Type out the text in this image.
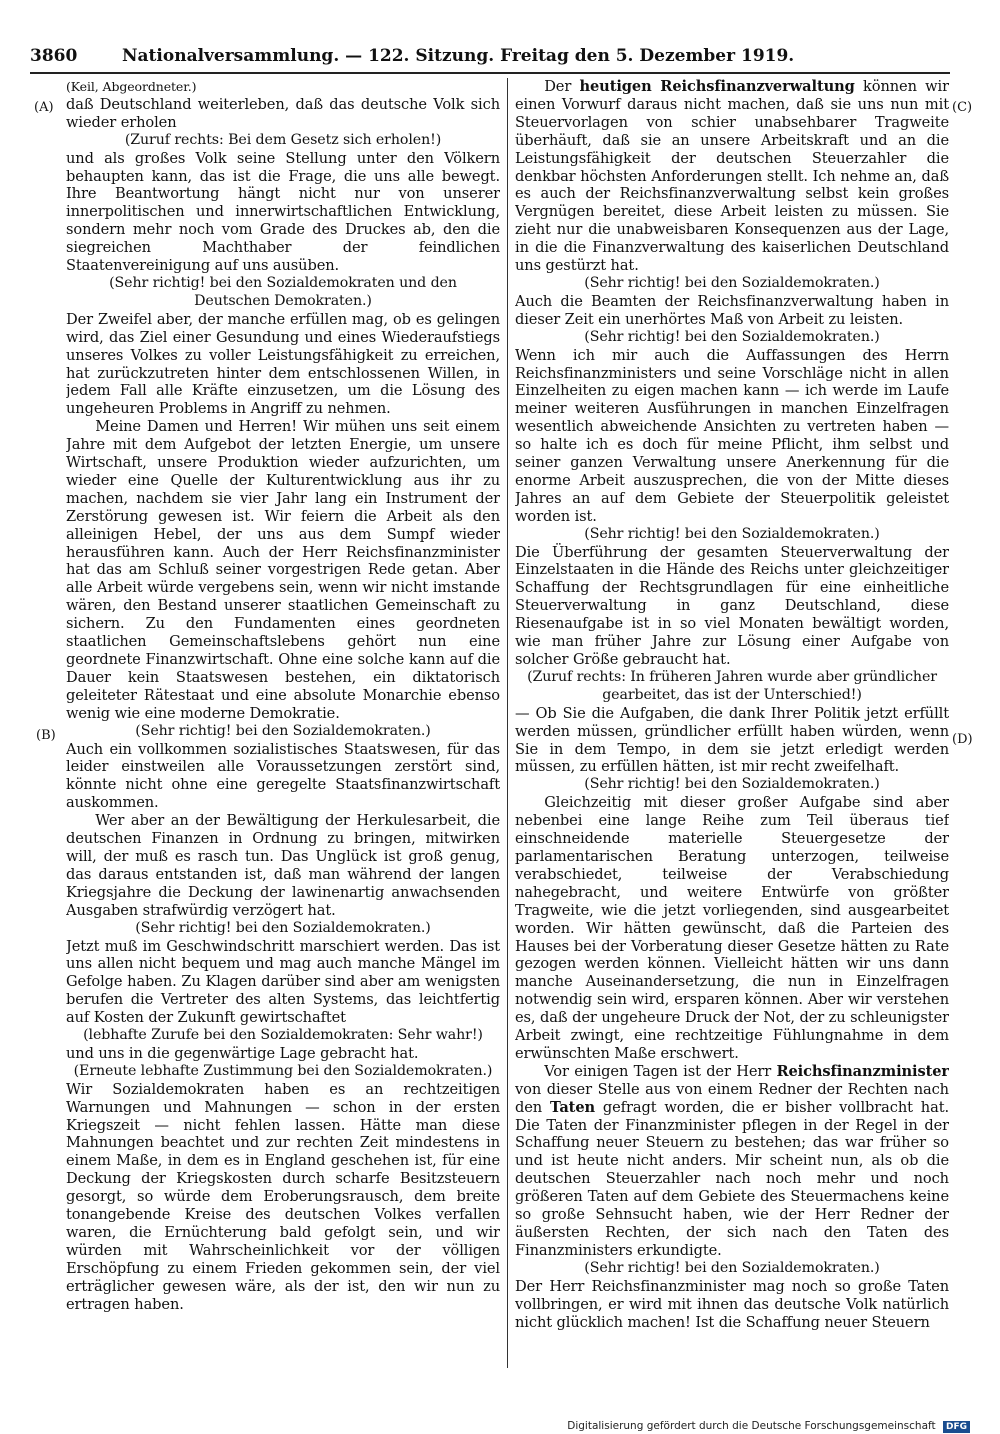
3860	Nationalversammlung. — 122. Sitzung. Freitag den 5. Dezember 1919.
(A)
(B)
(C)
(D)

(Keil, Abgeordneter.)

daß Deutschland weiterleben, daß das deutsche Volk sich wieder erholen

(Zuruf rechts: Bei dem Gesetz sich erholen!)

und als großes Volk seine Stellung unter den Völkern behaupten kann, das ist die Frage, die uns alle bewegt. Ihre Beantwortung hängt nicht nur von unserer innerpolitischen und innerwirtschaftlichen Entwicklung, sondern mehr noch vom Grade des Druckes ab, den die siegreichen Machthaber der feindlichen Staatenvereinigung auf uns ausüben.

(Sehr richtig! bei den Sozialdemokraten und den Deutschen Demokraten.)

Der Zweifel aber, der manche erfüllen mag, ob es gelingen wird, das Ziel einer Gesundung und eines Wiederaufstiegs unseres Volkes zu voller Leistungsfähigkeit zu erreichen, hat zurückzutreten hinter dem entschlossenen Willen, in jedem Fall alle Kräfte einzusetzen, um die Lösung des ungeheuren Problems in Angriff zu nehmen.

Meine Damen und Herren! Wir mühen uns seit einem Jahre mit dem Aufgebot der letzten Energie, um unsere Wirtschaft, unsere Produktion wieder aufzurichten, um wieder eine Quelle der Kulturentwicklung aus ihr zu machen, nachdem sie vier Jahr lang ein Instrument der Zerstörung gewesen ist. Wir feiern die Arbeit als den alleinigen Hebel, der uns aus dem Sumpf wieder herausführen kann. Auch der Herr Reichsfinanzminister hat das am Schluß seiner vorgestrigen Rede getan. Aber alle Arbeit würde vergebens sein, wenn wir nicht imstande wären, den Bestand unserer staatlichen Gemeinschaft zu sichern. Zu den Fundamenten eines geordneten staatlichen Gemeinschaftslebens gehört nun eine geordnete Finanzwirtschaft. Ohne eine solche kann auf die Dauer kein Staatswesen bestehen, ein diktatorisch geleiteter Rätestaat und eine absolute Monarchie ebenso wenig wie eine moderne Demokratie.

(Sehr richtig! bei den Sozialdemokraten.)

Auch ein vollkommen sozialistisches Staatswesen, für das leider einstweilen alle Voraussetzungen zerstört sind, könnte nicht ohne eine geregelte Staatsfinanzwirtschaft auskommen.

Wer aber an der Bewältigung der Herkulesarbeit, die deutschen Finanzen in Ordnung zu bringen, mitwirken will, der muß es rasch tun. Das Unglück ist groß genug, das daraus entstanden ist, daß man während der langen Kriegsjahre die Deckung der lawinenartig anwachsenden Ausgaben strafwürdig verzögert hat.

(Sehr richtig! bei den Sozialdemokraten.)

Jetzt muß im Geschwindschritt marschiert werden. Das ist uns allen nicht bequem und mag auch manche Mängel im Gefolge haben. Zu Klagen darüber sind aber am wenigsten berufen die Vertreter des alten Systems, das leichtfertig auf Kosten der Zukunft gewirtschaftet

(lebhafte Zurufe bei den Sozialdemokraten: Sehr wahr!)

und uns in die gegenwärtige Lage gebracht hat.

(Erneute lebhafte Zustimmung bei den Sozialdemokraten.)

Wir Sozialdemokraten haben es an rechtzeitigen Warnungen und Mahnungen — schon in der ersten Kriegszeit — nicht fehlen lassen. Hätte man diese Mahnungen beachtet und zur rechten Zeit mindestens in einem Maße, in dem es in England geschehen ist, für eine Deckung der Kriegskosten durch scharfe Besitzsteuern gesorgt, so würde dem Eroberungsrausch, dem breite tonangebende Kreise des deutschen Volkes verfallen waren, die Ernüchterung bald gefolgt sein, und wir würden mit Wahrscheinlichkeit vor der völligen Erschöpfung zu einem Frieden gekommen sein, der viel erträglicher gewesen wäre, als der ist, den wir nun zu ertragen haben.

Der heutigen Reichsfinanzverwaltung können wir einen Vorwurf daraus nicht machen, daß sie uns nun mit Steuervorlagen von schier unabsehbarer Tragweite überhäuft, daß sie an unsere Arbeitskraft und an die Leistungsfähigkeit der deutschen Steuerzahler die denkbar höchsten Anforderungen stellt. Ich nehme an, daß es auch der Reichsfinanzverwaltung selbst kein großes Vergnügen bereitet, diese Arbeit leisten zu müssen. Sie zieht nur die unabweisbaren Konsequenzen aus der Lage, in die die Finanzverwaltung des kaiserlichen Deutschland uns gestürzt hat.

(Sehr richtig! bei den Sozialdemokraten.)

Auch die Beamten der Reichsfinanzverwaltung haben in dieser Zeit ein unerhörtes Maß von Arbeit zu leisten.

(Sehr richtig! bei den Sozialdemokraten.)

Wenn ich mir auch die Auffassungen des Herrn Reichsfinanzministers und seine Vorschläge nicht in allen Einzelheiten zu eigen machen kann — ich werde im Laufe meiner weiteren Ausführungen in manchen Einzelfragen wesentlich abweichende Ansichten zu vertreten haben — so halte ich es doch für meine Pflicht, ihm selbst und seiner ganzen Verwaltung unsere Anerkennung für die enorme Arbeit auszusprechen, die von der Mitte dieses Jahres an auf dem Gebiete der Steuerpolitik geleistet worden ist.

(Sehr richtig! bei den Sozialdemokraten.)

Die Überführung der gesamten Steuerverwaltung der Einzelstaaten in die Hände des Reichs unter gleichzeitiger Schaffung der Rechtsgrundlagen für eine einheitliche Steuerverwaltung in ganz Deutschland, diese Riesenaufgabe ist in so viel Monaten bewältigt worden, wie man früher Jahre zur Lösung einer Aufgabe von solcher Größe gebraucht hat.

(Zuruf rechts: In früheren Jahren wurde aber gründlicher gearbeitet, das ist der Unterschied!)

— Ob Sie die Aufgaben, die dank Ihrer Politik jetzt erfüllt werden müssen, gründlicher erfüllt haben würden, wenn Sie in dem Tempo, in dem sie jetzt erledigt werden müssen, zu erfüllen hätten, ist mir recht zweifelhaft.

(Sehr richtig! bei den Sozialdemokraten.)

Gleichzeitig mit dieser großer Aufgabe sind aber nebenbei eine lange Reihe zum Teil überaus tief einschneidende materielle Steuergesetze der parlamentarischen Beratung unterzogen, teilweise verabschiedet, teilweise der Verabschiedung nahegebracht, und weitere Entwürfe von größter Tragweite, wie die jetzt vorliegenden, sind ausgearbeitet worden. Wir hätten gewünscht, daß die Parteien des Hauses bei der Vorberatung dieser Gesetze hätten zu Rate gezogen werden können. Vielleicht hätten wir uns dann manche Auseinandersetzung, die nun in Einzelfragen notwendig sein wird, ersparen können. Aber wir verstehen es, daß der ungeheure Druck der Not, der zu schleunigster Arbeit zwingt, eine rechtzeitige Fühlungnahme in dem erwünschten Maße erschwert.

Vor einigen Tagen ist der Herr Reichsfinanzminister von dieser Stelle aus von einem Redner der Rechten nach den Taten gefragt worden, die er bisher vollbracht hat. Die Taten der Finanzminister pflegen in der Regel in der Schaffung neuer Steuern zu bestehen; das war früher so und ist heute nicht anders. Mir scheint nun, als ob die deutschen Steuerzahler nach noch mehr und noch größeren Taten auf dem Gebiete des Steuermachens keine so große Sehnsucht haben, wie der Herr Redner der äußersten Rechten, der sich nach den Taten des Finanzministers erkundigte.

(Sehr richtig! bei den Sozialdemokraten.)

Der Herr Reichsfinanzminister mag noch so große Taten vollbringen, er wird mit ihnen das deutsche Volk natürlich nicht glücklich machen! Ist die Schaffung neuer Steuern

Digitalisierung gefördert durch die Deutsche Forschungsgemeinschaft DFG
